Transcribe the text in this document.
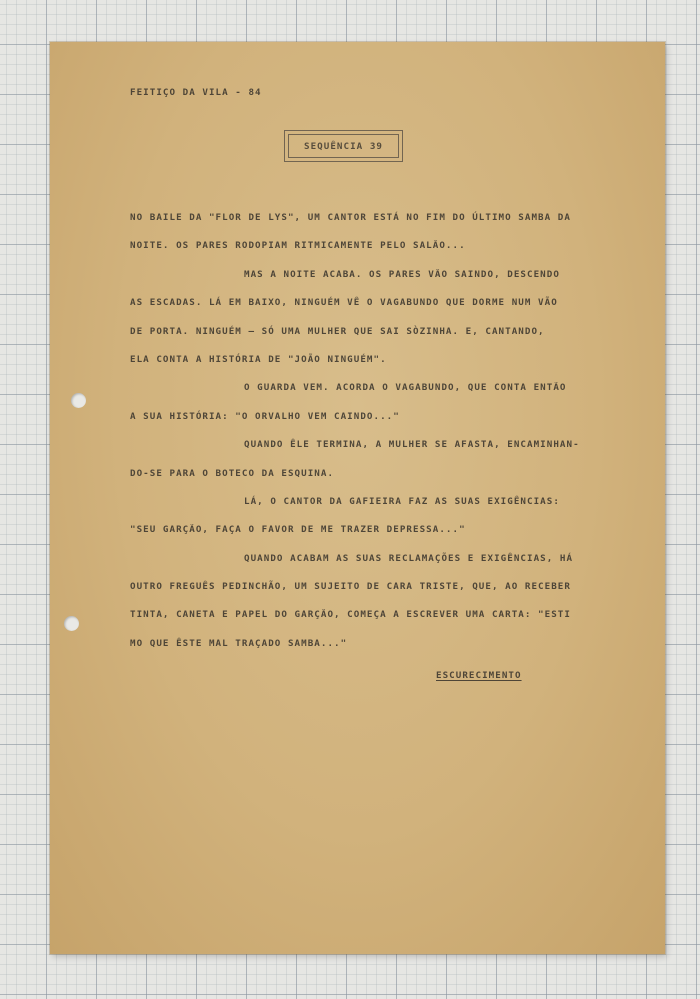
FEITIÇO DA VILA - 84
SEQUÊNCIA 39
NO BAILE DA "FLOR DE LYS", UM CANTOR ESTÁ NO FIM DO ÚLTIMO SAMBA DA
NOITE. OS PARES RODOPIAM RITMICAMENTE PELO SALÃO...
MAS A NOITE ACABA. OS PARES VÃO SAINDO, DESCENDO
AS ESCADAS. LÁ EM BAIXO, NINGUÉM VÊ O VAGABUNDO QUE DORME NUM VÃO
DE PORTA. NINGUÉM — SÓ UMA MULHER QUE SAI SÒZINHA. E, CANTANDO,
ELA CONTA A HISTÓRIA DE "JOÃO NINGUÉM".
O GUARDA VEM. ACORDA O VAGABUNDO, QUE CONTA ENTÃO
A SUA HISTÓRIA: "O ORVALHO VEM CAINDO..."
QUANDO ÊLE TERMINA, A MULHER SE AFASTA, ENCAMINHAN-
DO-SE PARA O BOTECO DA ESQUINA.
LÁ, O CANTOR DA GAFIEIRA FAZ AS SUAS EXIGÊNCIAS:
"SEU GARÇÃO, FAÇA O FAVOR DE ME TRAZER DEPRESSA..."
QUANDO ACABAM AS SUAS RECLAMAÇÕES E EXIGÊNCIAS, HÁ
OUTRO FREGUÊS PEDINCHÃO, UM SUJEITO DE CARA TRISTE, QUE, AO RECEBER
TINTA, CANETA E PAPEL DO GARÇÃO, COMEÇA A ESCREVER UMA CARTA: "ESTI
MO QUE ÊSTE MAL TRAÇADO SAMBA..."
ESCURECIMENTO
